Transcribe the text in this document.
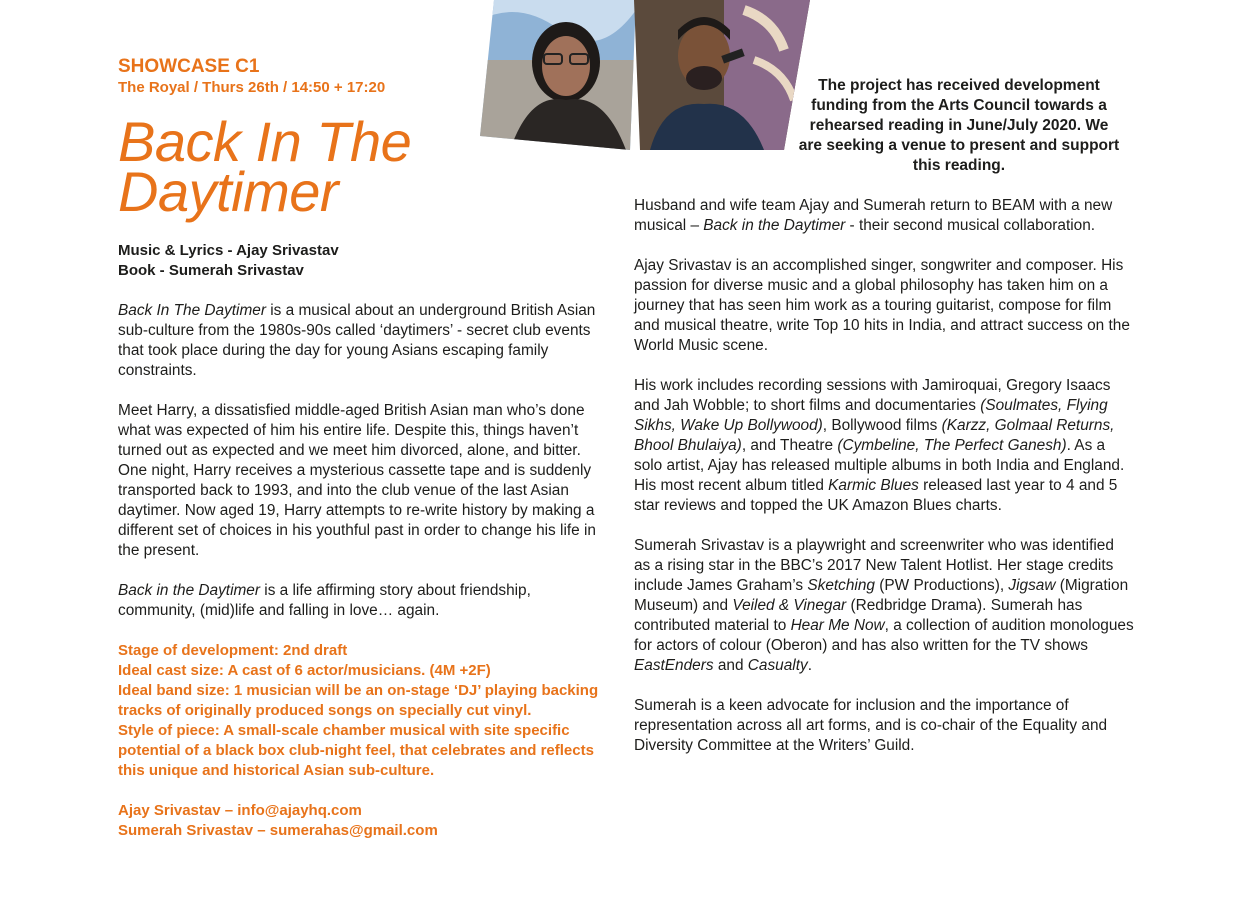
SHOWCASE C1

The Royal / Thurs 26th / 14:50 + 17:20

Back In The
Daytimer
Music & Lyrics - Ajay Srivastav
Book - Sumerah Srivastav

Back In The Daytimer is a musical about an underground British Asian sub-culture from the 1980s-90s called ‘daytimers’ - secret club events that took place during the day for young Asians escaping family constraints.

Meet Harry, a dissatisfied middle-aged British Asian man who’s done what was expected of him his entire life. Despite this, things haven’t turned out as expected and we meet him divorced, alone, and bitter. One night, Harry receives a mysterious cassette tape and is suddenly transported back to 1993, and into the club venue of the last Asian daytimer. Now aged 19, Harry attempts to re-write history by making a different set of choices in his youthful past in order to change his life in the present.

Back in the Daytimer is a life affirming story about friendship, community, (mid)life and falling in love… again.

Stage of development: 2nd draft
Ideal cast size: A cast of 6 actor/musicians. (4M +2F)
Ideal band size: 1 musician will be an on-stage ‘DJ’ playing backing tracks of originally produced songs on specially cut vinyl.
Style of piece: A small-scale chamber musical with site specific potential of a black box club-night feel, that celebrates and reflects this unique and historical Asian sub-culture.
Ajay Srivastav – info@ajayhq.com
Sumerah Srivastav – sumerahas@gmail.com
The project has received development funding from the Arts Council towards a rehearsed reading in June/July 2020. We are seeking a venue to present and support this reading.

Husband and wife team Ajay and Sumerah return to BEAM with a new musical – Back in the Daytimer - their second musical collaboration.

Ajay Srivastav is an accomplished singer, songwriter and composer. His passion for diverse music and a global philosophy has taken him on a journey that has seen him work as a touring guitarist, compose for film and musical theatre, write Top 10 hits in India, and attract success on the World Music scene.

His work includes recording sessions with Jamiroquai, Gregory Isaacs and Jah Wobble; to short films and documentaries (Soulmates, Flying Sikhs, Wake Up Bollywood), Bollywood films (Karzz, Golmaal Returns, Bhool Bhulaiya), and Theatre (Cymbeline, The Perfect Ganesh). As a solo artist, Ajay has released multiple albums in both India and England. His most recent album titled Karmic Blues released last year to 4 and 5 star reviews and topped the UK Amazon Blues charts.

Sumerah Srivastav is a playwright and screenwriter who was identified as a rising star in the BBC’s 2017 New Talent Hotlist. Her stage credits include James Graham’s Sketching (PW Productions), Jigsaw (Migration Museum) and Veiled & Vinegar (Redbridge Drama). Sumerah has contributed material to Hear Me Now, a collection of audition monologues for actors of colour (Oberon) and has also written for the TV shows EastEnders and Casualty.

Sumerah is a keen advocate for inclusion and the importance of representation across all art forms, and is co-chair of the Equality and Diversity Committee at the Writers’ Guild.
